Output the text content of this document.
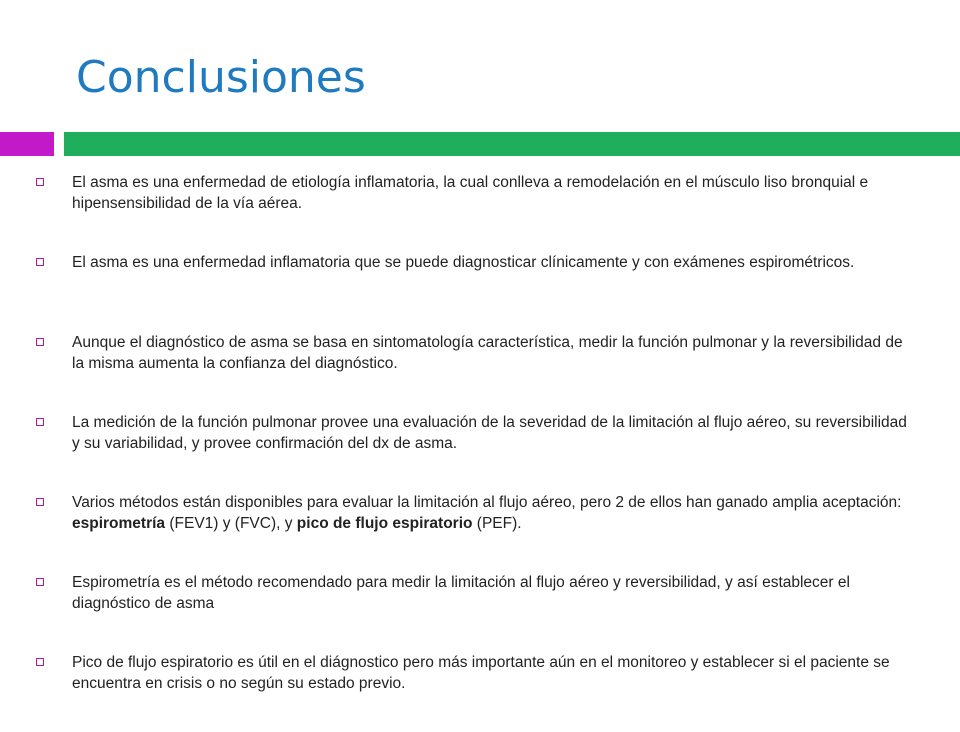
Conclusiones
El asma es una enfermedad de etiología inflamatoria, la cual conlleva a remodelación en el músculo liso bronquial e hipensensibilidad de la vía aérea.
El asma es una enfermedad inflamatoria que se puede diagnosticar clínicamente y con exámenes espirométricos.
Aunque el diagnóstico de asma se basa en sintomatología característica, medir la función pulmonar y la reversibilidad de la misma aumenta la confianza del diagnóstico.
La medición de la función pulmonar provee una evaluación de la severidad de la limitación al flujo aéreo, su reversibilidad y su variabilidad, y provee confirmación del dx de asma.
Varios métodos están disponibles para evaluar la limitación al flujo aéreo, pero 2 de ellos han ganado amplia aceptación: espirometría (FEV1) y (FVC), y pico de flujo espiratorio (PEF).
Espirometría es el método recomendado para medir la limitación al flujo aéreo y reversibilidad, y así establecer el diagnóstico de asma
Pico de flujo espiratorio es útil en el diágnostico pero más importante aún en el monitoreo y establecer si el paciente se encuentra en crisis o no según su estado previo.
